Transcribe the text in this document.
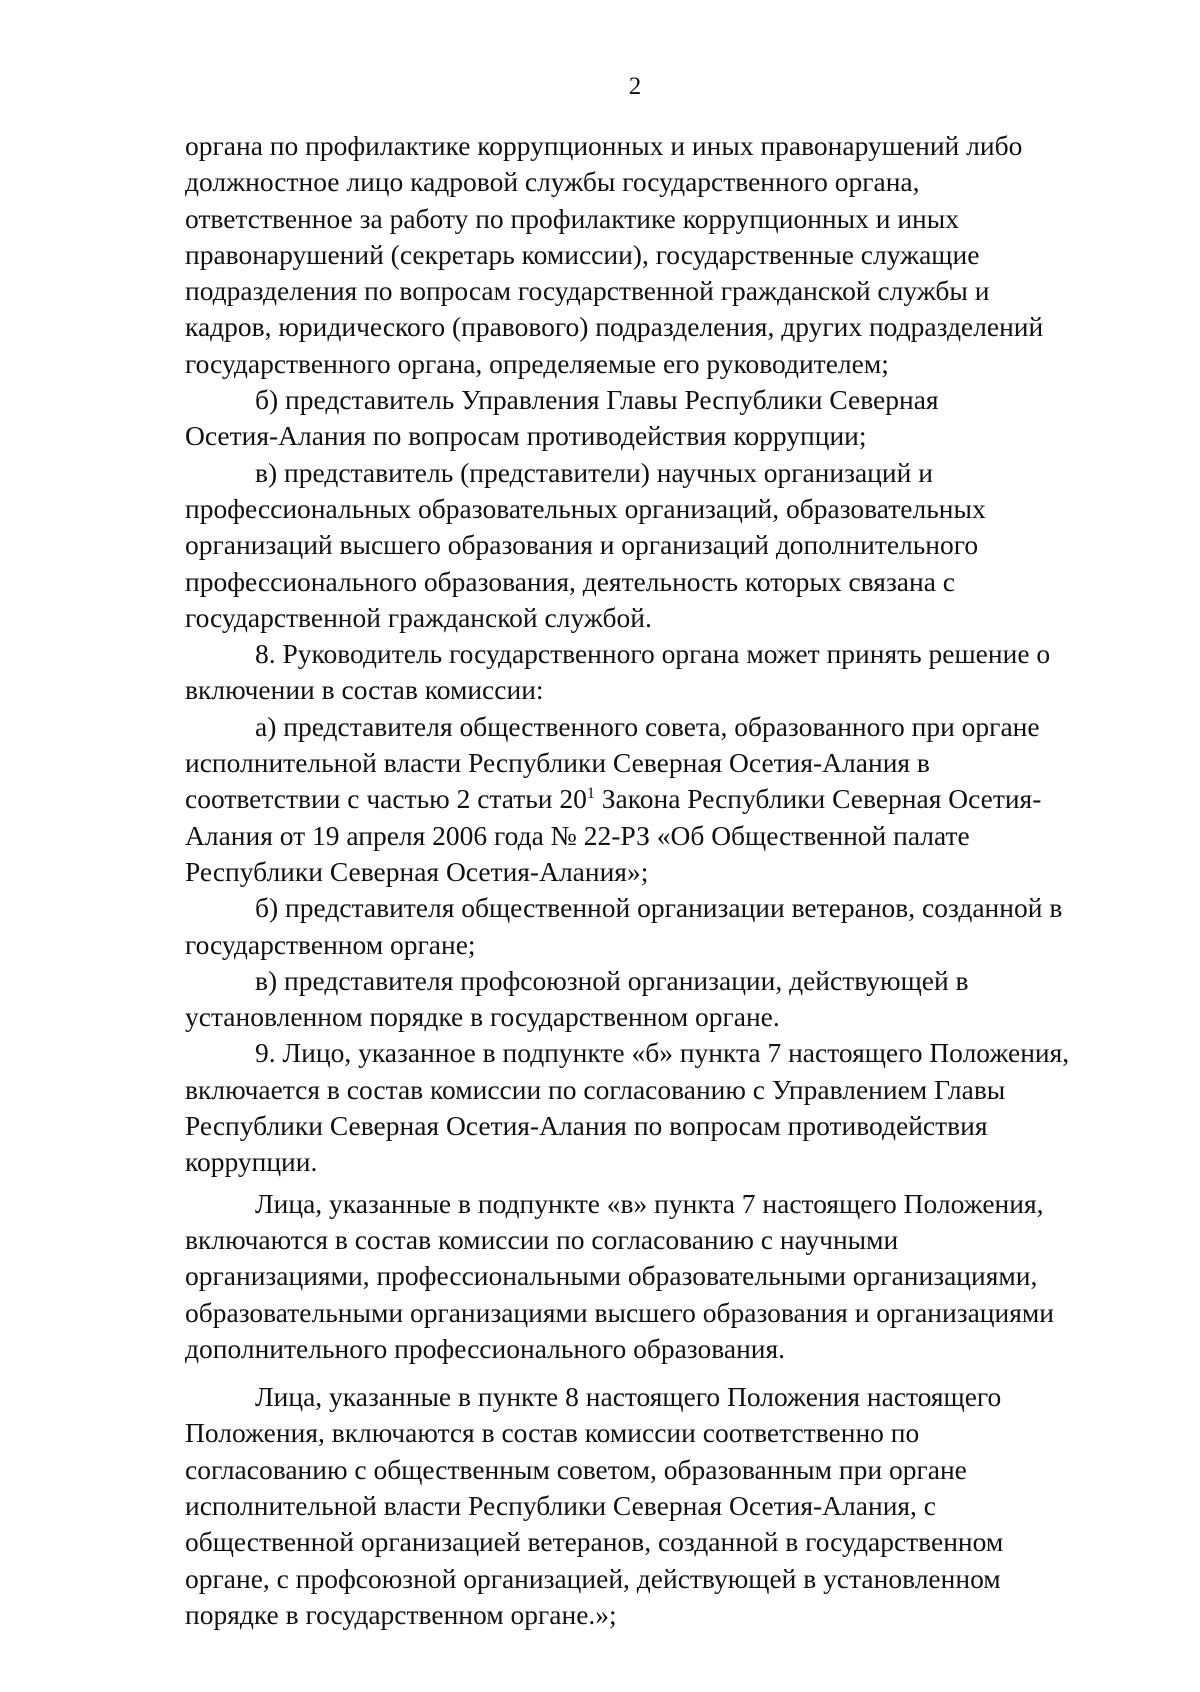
2

органа по профилактике коррупционных и иных правонарушений либо
должностное лицо кадровой службы государственного органа,
ответственное за работу по профилактике коррупционных и иных
правонарушений (секретарь комиссии), государственные служащие
подразделения по вопросам государственной гражданской службы и
кадров, юридического (правового) подразделения, других подразделений
государственного органа, определяемые его руководителем;

б) представитель Управления Главы Республики Северная
Осетия-Алания по вопросам противодействия коррупции;

в) представитель (представители) научных организаций и
профессиональных образовательных организаций, образовательных
организаций высшего образования и организаций дополнительного
профессионального образования, деятельность которых связана с
государственной гражданской службой.

8. Руководитель государственного органа может принять решение о
включении в состав комиссии:

а) представителя общественного совета, образованного при органе
исполнительной власти Республики Северная Осетия-Алания в
соответствии с частью 2 статьи $20^1$ Закона Республики Северная Осетия-
Алания от 19 апреля 2006 года № 22-РЗ «Об Общественной палате
Республики Северная Осетия-Алания»;

б) представителя общественной организации ветеранов, созданной в
государственном органе;

в) представителя профсоюзной организации, действующей в
установленном порядке в государственном органе.

9. Лицо, указанное в подпункте «б» пункта 7 настоящего Положения,
включается в состав комиссии по согласованию с Управлением Главы
Республики Северная Осетия-Алания по вопросам противодействия
коррупции.

Лица, указанные в подпункте «в» пункта 7 настоящего Положения,
включаются в состав комиссии по согласованию с научными
организациями, профессиональными образовательными организациями,
образовательными организациями высшего образования и организациями
дополнительного профессионального образования.

Лица, указанные в пункте 8 настоящего Положения настоящего
Положения, включаются в состав комиссии соответственно по
согласованию с общественным советом, образованным при органе
исполнительной власти Республики Северная Осетия-Алания, с
общественной организацией ветеранов, созданной в государственном
органе, с профсоюзной организацией, действующей в установленном
порядке в государственном органе.»;
